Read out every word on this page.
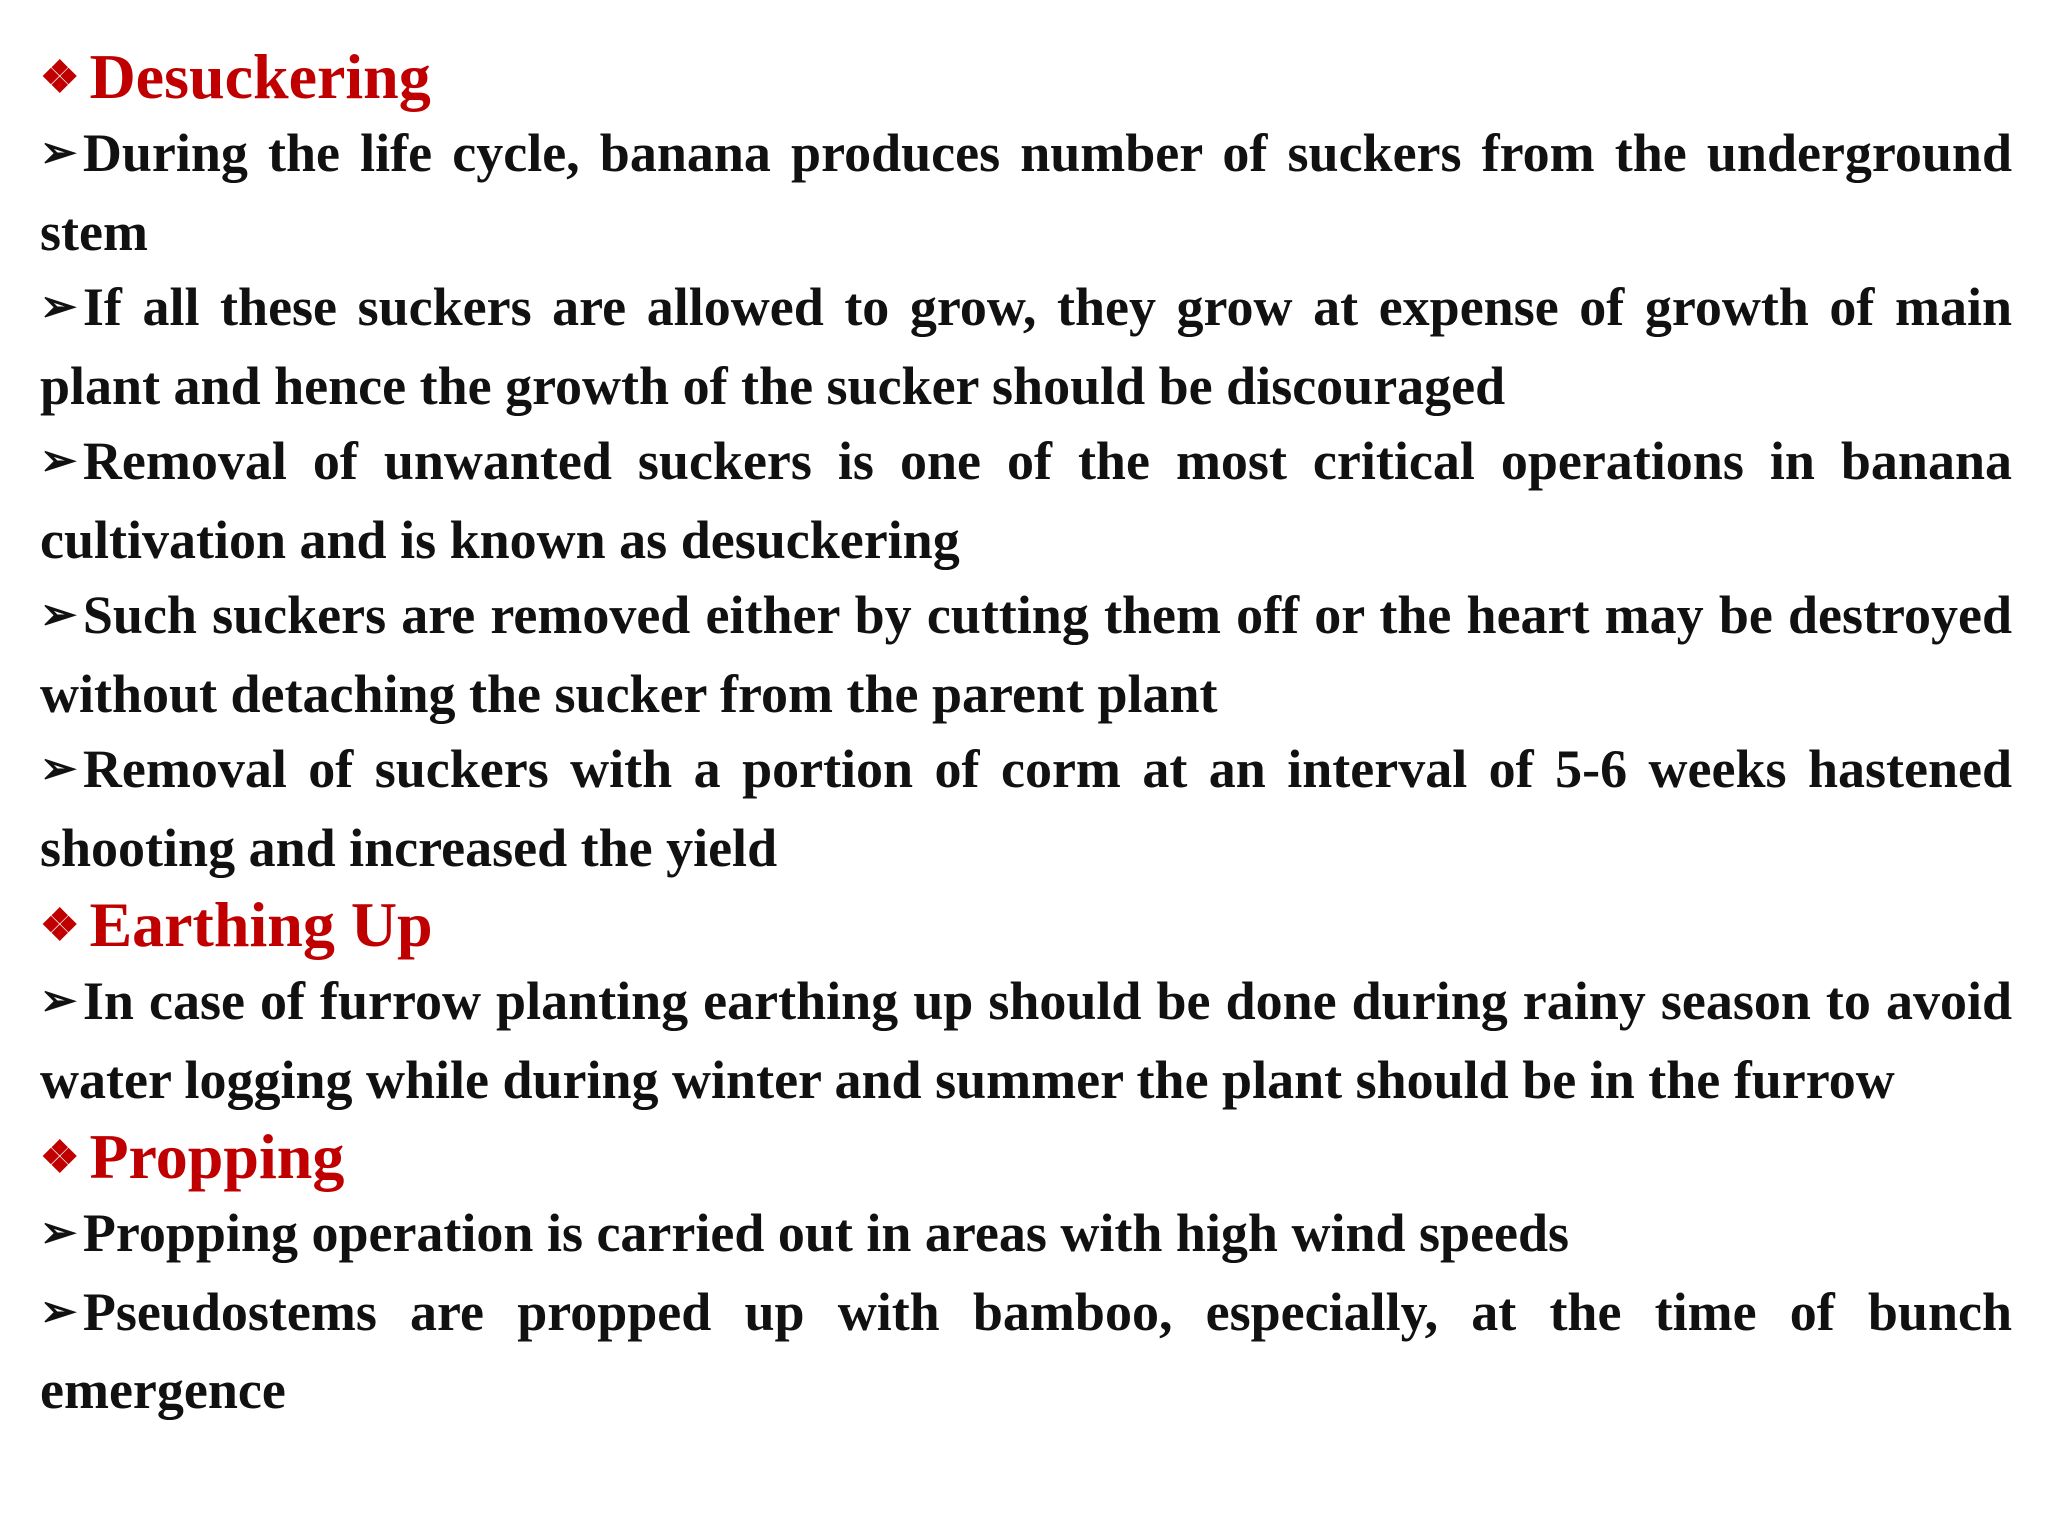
❖ Desuckering

➢ During the life cycle, banana produces number of suckers from the underground stem

➢ If all these suckers are allowed to grow, they grow at expense of growth of main plant and hence the growth of the sucker should be discouraged

➢ Removal of unwanted suckers is one of the most critical operations in banana cultivation and is known as desuckering

➢ Such suckers are removed either by cutting them off or the heart may be destroyed without detaching the sucker from the parent plant

➢ Removal of suckers with a portion of corm at an interval of 5-6 weeks hastened shooting and increased the yield

❖ Earthing Up

➢ In case of furrow planting earthing up should be done during rainy season to avoid water logging while during winter and summer the plant should be in the furrow

❖ Propping

➢ Propping operation is carried out in areas with high wind speeds

➢ Pseudostems are propped up with bamboo, especially, at the time of bunch emergence
